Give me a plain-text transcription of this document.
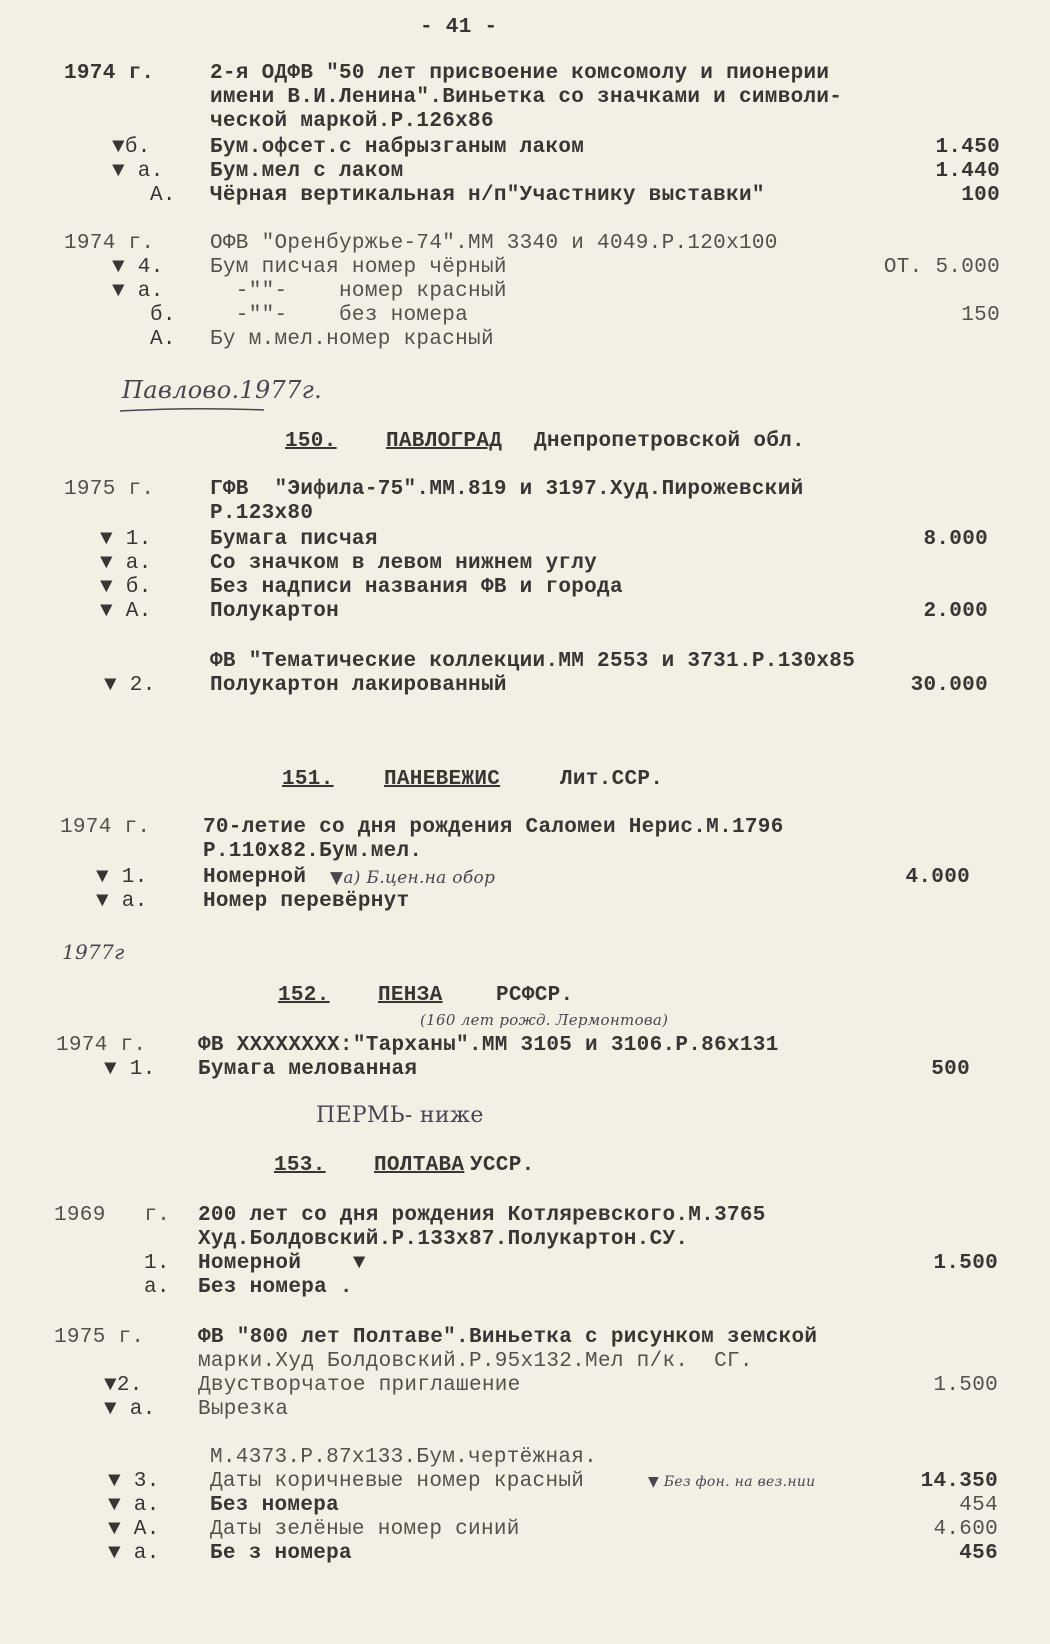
- 41 -
1974 г.	2-я ОДФВ "50 лет присвоение комсомолу и пионерии
имени В.И.Ленина".Виньетка со значками и символи-
ческой маркой.Р.126х86
▼б.	Бум.офсет.с набрызганым лаком	1.450
▼ а. Бум.мел с лаком	1.440
А. Чёрная вертикальная н/п"Участнику выставки"	100
1974 г.	ОФВ "Оренбуржье-74".ММ 3340 и 4049.Р.120х100
▼ 4. Бум писчая номер чёрный	ОТ. 5.000
▼ а. -""-    номер красный
б. -""-    без номера	150
А. Бу м.мел.номер красный
Павлово.1977г.
150. ПАВЛОГРАД Днепропетровской обл.
1975 г.	ГФВ  "Эифила-75".ММ.819 и 3197.Худ.Пирожевский
Р.123х80
▼ 1.	Бумага писчая	8.000
▼ а.	Со значком в левом нижнем углу
▼ б.	Без надписи названия ФВ и города
▼ А.	Полукартон	2.000
ФВ "Тематические коллекции.ММ 2553 и 3731.Р.130х85
▼ 2.	Полукартон лакированный	30.000
151. ПАНЕВЕЖИС	Лит.ССР.
1974 г.	70-летие со дня рождения Саломеи Нерис.М.1796
Р.110х82.Бум.мел.
▼ 1.	Номерной ▼а) Б.цен.на обор	4.000
▼ а.	Номер перевёрнут
1977г
152. ПЕНЗА	РСФСР.
(160 лет рожд. Лермонтова)
1974 г. ФВ ХХХХХХХХ:"Тарханы".ММ 3105 и 3106.Р.86х131
▼ 1. Бумага мелованная	500
ПЕРМЬ- ниже
153. ПОЛТАВА УССР.
1969   г. 200 лет со дня рождения Котляревского.М.3765
Худ.Болдовский.Р.133х87.Полукартон.СУ.
1. Номерной    ▼	1.500
а. Без номера .
1975 г.	ФВ "800 лет Полтаве".Виньетка с рисунком земской
марки.Худ Болдовский.Р.95х132.Мел п/к.  СГ.
▼2.	Двустворчатое приглашение	1.500
▼ а. Вырезка
М.4373.Р.87х133.Бум.чертёжная.
▼ 3. Даты коричневые номер красный	▼ Без фон. на вез.нии	14.350
▼ а. Без номера	454
▼ А. Даты зелёные номер синий	4.600
▼ а. Бе з номера	456
